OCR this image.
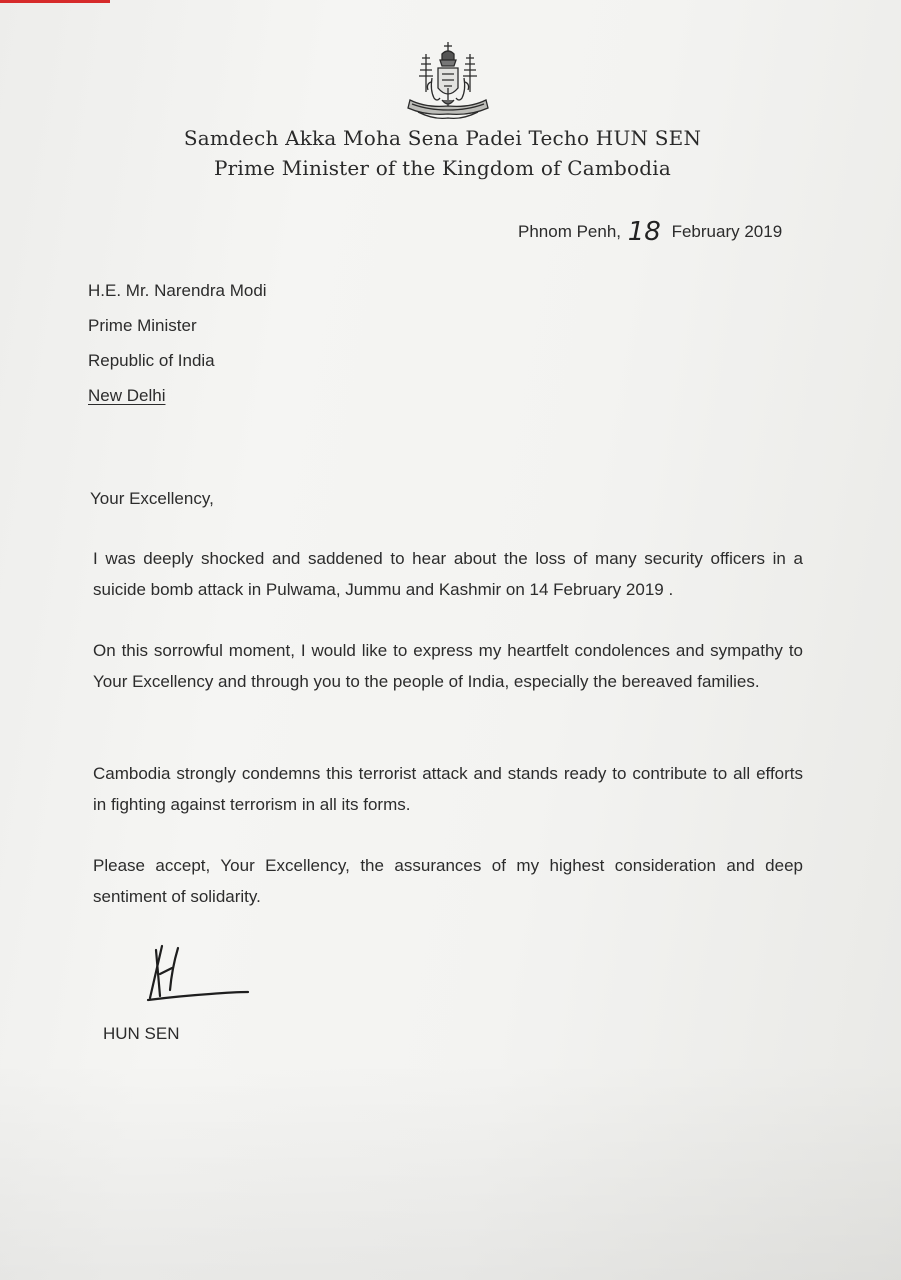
Samdech Akka Moha Sena Padei Techo HUN SEN
Prime Minister of the Kingdom of Cambodia
Phnom Penh, 18 February 2019
H.E. Mr. Narendra Modi
Prime Minister
Republic of India
New Delhi
Your Excellency,
I was deeply shocked and saddened to hear about the loss of many security officers in a suicide bomb attack in Pulwama, Jummu and Kashmir on 14 February 2019 .
On this sorrowful moment, I would like to express my heartfelt condolences and sympathy to Your Excellency and through you to the people of India, especially the bereaved families.
Cambodia strongly condemns this terrorist attack and stands ready to contribute to all efforts in fighting against terrorism in all its forms.
Please accept, Your Excellency, the assurances of my highest consideration and deep sentiment of solidarity.
HUN SEN
